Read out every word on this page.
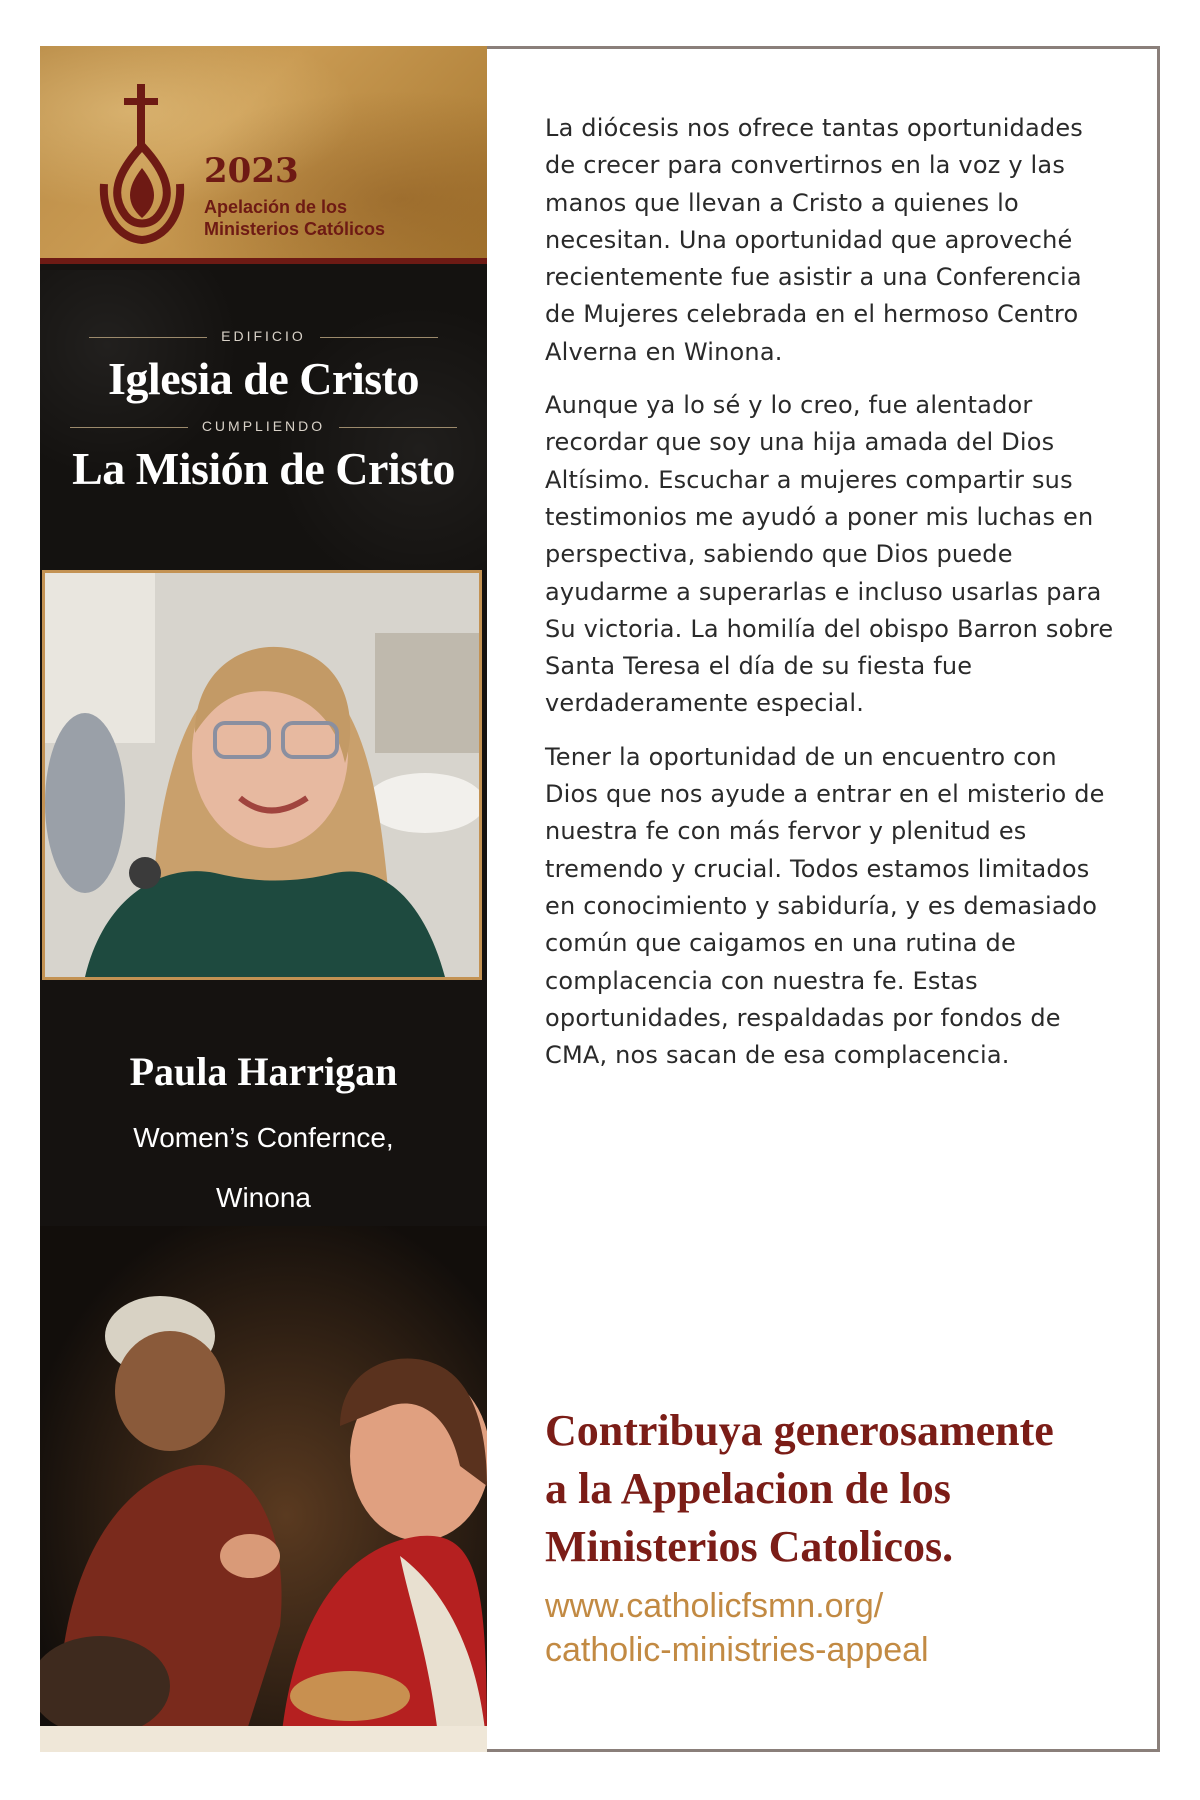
2023
Apelación de los
Ministerios Católicos
EDIFICIO
Iglesia de Cristo
CUMPLIENDO
La Misión de Cristo
Paula Harrigan
Women’s Confernce,
Winona

La diócesis nos ofrece tantas oportunidades de crecer para convertirnos en la voz y las manos que llevan a Cristo a quienes lo necesitan. Una oportunidad que aproveché recientemente fue asistir a una Conferencia de Mujeres celebrada en el hermoso Centro Alverna en Winona.

Aunque ya lo sé y lo creo, fue alentador recordar que soy una hija amada del Dios Altísimo. Escuchar a mujeres compartir sus testimonios me ayudó a poner mis luchas en perspectiva, sabiendo que Dios puede ayudarme a superarlas e incluso usarlas para Su victoria. La homilía del obispo Barron sobre Santa Teresa el día de su fiesta fue verdaderamente especial.

Tener la oportunidad de un encuentro con Dios que nos ayude a entrar en el misterio de nuestra fe con más fervor y plenitud es tremendo y crucial. Todos estamos limitados en conocimiento y sabiduría, y es demasiado común que caigamos en una rutina de complacencia con nuestra fe. Estas oportunidades, respaldadas por fondos de CMA, nos sacan de esa complacencia.

Contribuya generosamente
a la Appelacion de los
Ministerios Catolicos.
www.catholicfsmn.org/
catholic-ministries-appeal
